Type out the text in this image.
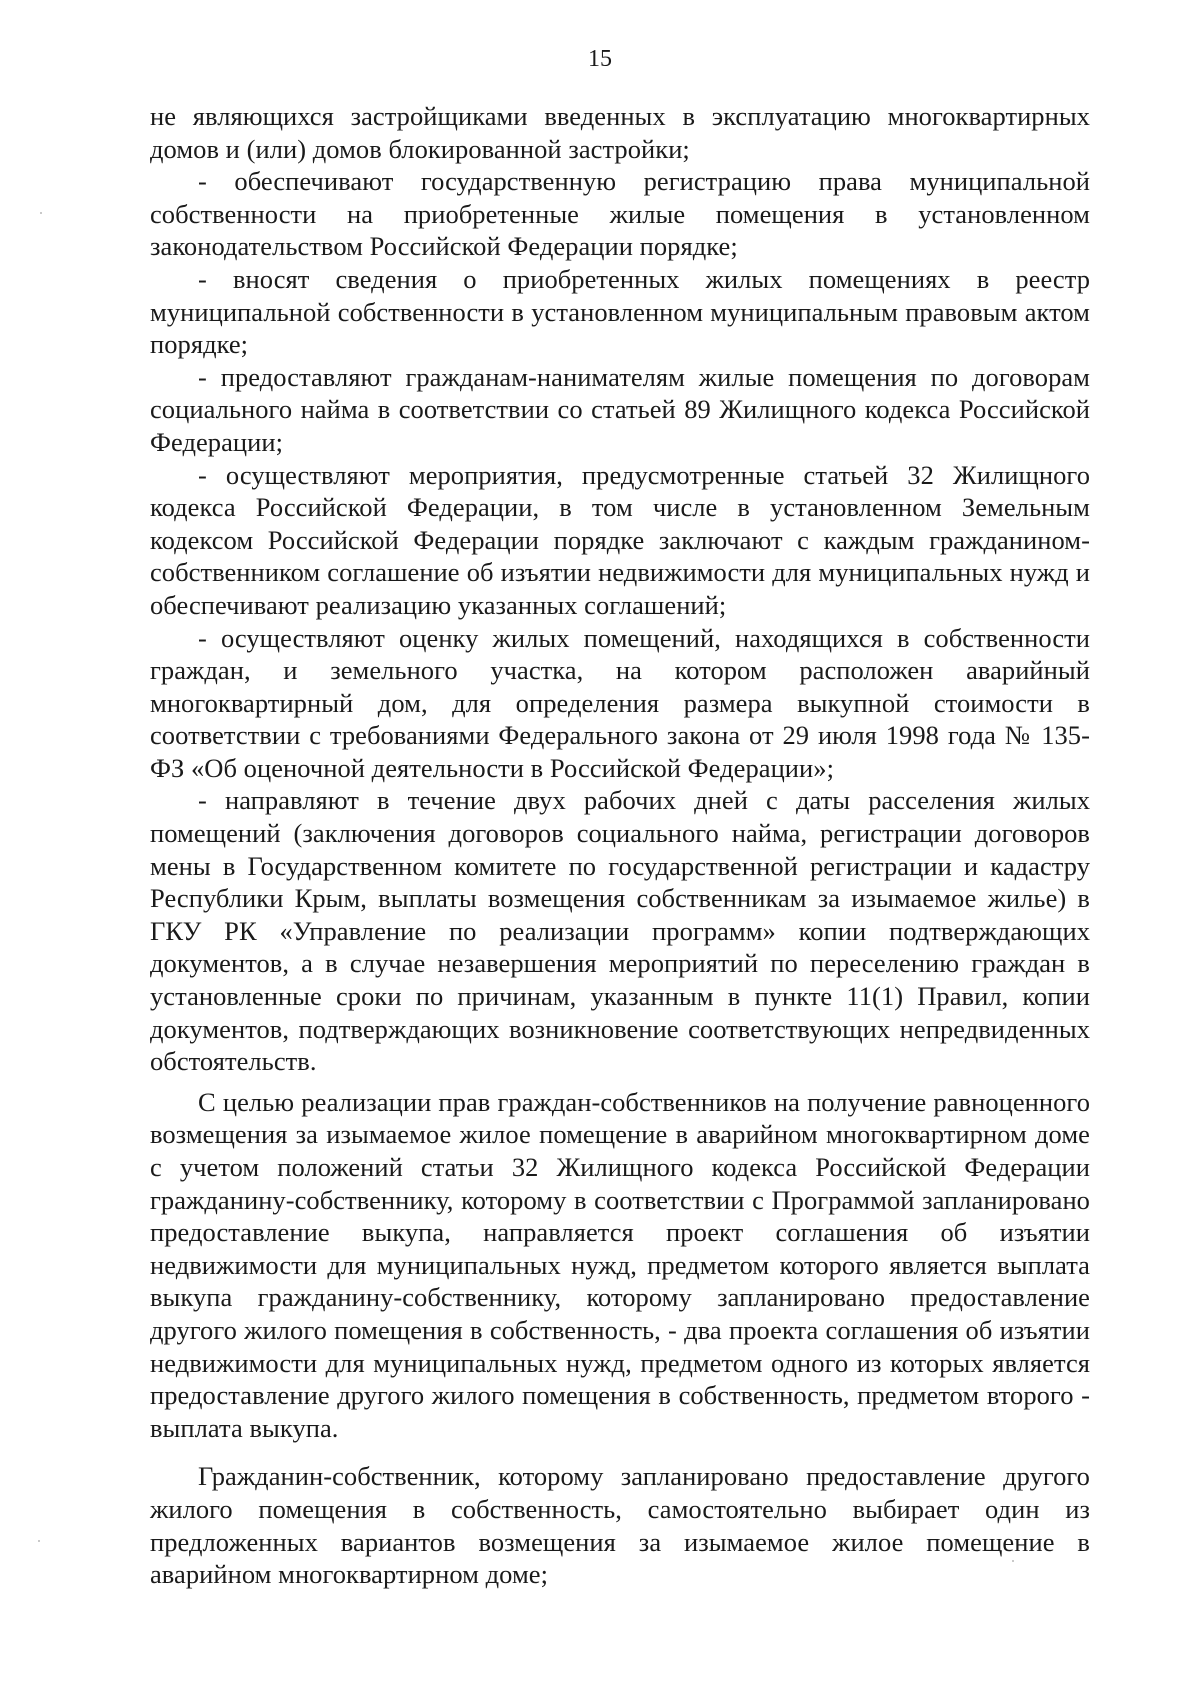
15

не являющихся застройщиками введенных в эксплуатацию многоквартирных домов и (или) домов блокированной застройки;

- обеспечивают государственную регистрацию права муниципальной собственности на приобретенные жилые помещения в установленном законодательством Российской Федерации порядке;

- вносят сведения о приобретенных жилых помещениях в реестр муниципальной собственности в установленном муниципальным правовым актом порядке;

- предоставляют гражданам-нанимателям жилые помещения по договорам социального найма в соответствии со статьей 89 Жилищного кодекса Российской Федерации;

- осуществляют мероприятия, предусмотренные статьей 32 Жилищного кодекса Российской Федерации, в том числе в установленном Земельным кодексом Российской Федерации порядке заключают с каждым гражданином-собственником соглашение об изъятии недвижимости для муниципальных нужд и обеспечивают реализацию указанных соглашений;

- осуществляют оценку жилых помещений, находящихся в собственности граждан, и земельного участка, на котором расположен аварийный многоквартирный дом, для определения размера выкупной стоимости в соответствии с требованиями Федерального закона от 29 июля 1998 года № 135-ФЗ «Об оценочной деятельности в Российской Федерации»;

- направляют в течение двух рабочих дней с даты расселения жилых помещений (заключения договоров социального найма, регистрации договоров мены в Государственном комитете по государственной регистрации и кадастру Республики Крым, выплаты возмещения собственникам за изымаемое жилье) в ГКУ РК «Управление по реализации программ» копии подтверждающих документов, а в случае незавершения мероприятий по переселению граждан в установленные сроки по причинам, указанным в пункте 11(1) Правил, копии документов, подтверждающих возникновение соответствующих непредвиденных обстоятельств.

С целью реализации прав граждан-собственников на получение равноценного возмещения за изымаемое жилое помещение в аварийном многоквартирном доме с учетом положений статьи 32 Жилищного кодекса Российской Федерации гражданину-собственнику, которому в соответствии с Программой запланировано предоставление выкупа, направляется проект соглашения об изъятии недвижимости для муниципальных нужд, предметом которого является выплата выкупа гражданину-собственнику, которому запланировано предоставление другого жилого помещения в собственность, - два проекта соглашения об изъятии недвижимости для муниципальных нужд, предметом одного из которых является предоставление другого жилого помещения в собственность, предметом второго - выплата выкупа.

Гражданин-собственник, которому запланировано предоставление другого жилого помещения в собственность, самостоятельно выбирает один из предложенных вариантов возмещения за изымаемое жилое помещение в аварийном многоквартирном доме;
